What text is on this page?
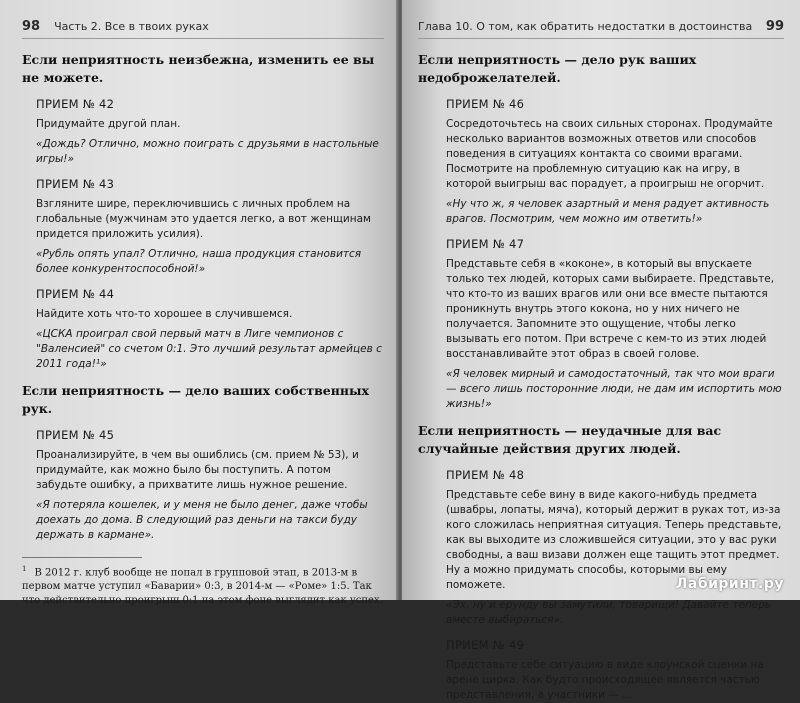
98 Часть 2. Все в твоих руках

Если неприятность неизбежна, изменить ее вы не можете.

ПРИЕМ № 42

Придумайте другой план.

«Дождь? Отлично, можно поиграть с друзьями в настольные игры!»

ПРИЕМ № 43

Взгляните шире, переключившись с личных проблем на глобальные (мужчинам это удается легко, а вот женщинам придется приложить усилия).

«Рубль опять упал? Отлично, наша продукция становится более конкурентоспособной!»

ПРИЕМ № 44

Найдите хоть что-то хорошее в случившемся.

«ЦСКА проиграл свой первый матч в Лиге чемпионов с "Валенсией" со счетом 0:1. Это лучший результат армейцев с 2011 года!¹»

Если неприятность — дело ваших собственных рук.

ПРИЕМ № 45

Проанализируйте, в чем вы ошиблись (см. прием № 53), и придумайте, как можно было бы поступить. А потом забудьте ошибку, а прихватите лишь нужное решение.

«Я потеряла кошелек, и у меня не было денег, даже чтобы доехать до дома. В следующий раз деньги на такси буду держать в кармане».

$^1$ В 2012 г. клуб вообще не попал в групповой этап, в 2013-м в первом матче уступил «Баварии» 0:3, в 2014-м — «Роме» 1:5. Так что действительно проигрыш 0:1 на этом фоне выглядит как успех.

Глава 10. О том, как обратить недостатки в достоинства 99

Если неприятность — дело рук ваших недоброжелателей.

ПРИЕМ № 46

Сосредоточьтесь на своих сильных сторонах. Продумайте несколько вариантов возможных ответов или способов поведения в ситуациях контакта со своими врагами. Посмотрите на проблемную ситуацию как на игру, в которой выигрыш вас порадует, а проигрыш не огорчит.

«Ну что ж, я человек азартный и меня радует активность врагов. Посмотрим, чем можно им ответить!»

ПРИЕМ № 47

Представьте себя в «коконе», в который вы впускаете только тех людей, которых сами выбираете. Представьте, что кто-то из ваших врагов или они все вместе пытаются проникнуть внутрь этого кокона, но у них ничего не получается. Запомните это ощущение, чтобы легко вызывать его потом. При встрече с кем-то из этих людей восстанавливайте этот образ в своей голове.

«Я человек мирный и самодостаточный, так что мои враги — всего лишь посторонние люди, не дам им испортить мою жизнь!»

Если неприятность — неудачные для вас случайные действия других людей.

ПРИЕМ № 48

Представьте себе вину в виде какого-нибудь предмета (швабры, лопаты, мяча), который держит в руках тот, из-за кого сложилась неприятная ситуация. Теперь представьте, как вы выходите из сложившейся ситуации, это у вас руки свободны, а ваш визави должен еще тащить этот предмет. Ну а можно придумать способы, которыми вы ему поможете.

«Эх, ну и ерунду вы замутили, товарищи! Давайте теперь вместе выбираться».

ПРИЕМ № 49

Представьте себе ситуацию в виде клоунской сценки на арене цирка. Как будто происходящее является частью представления, а участники — ...

Лабиринт.ру
